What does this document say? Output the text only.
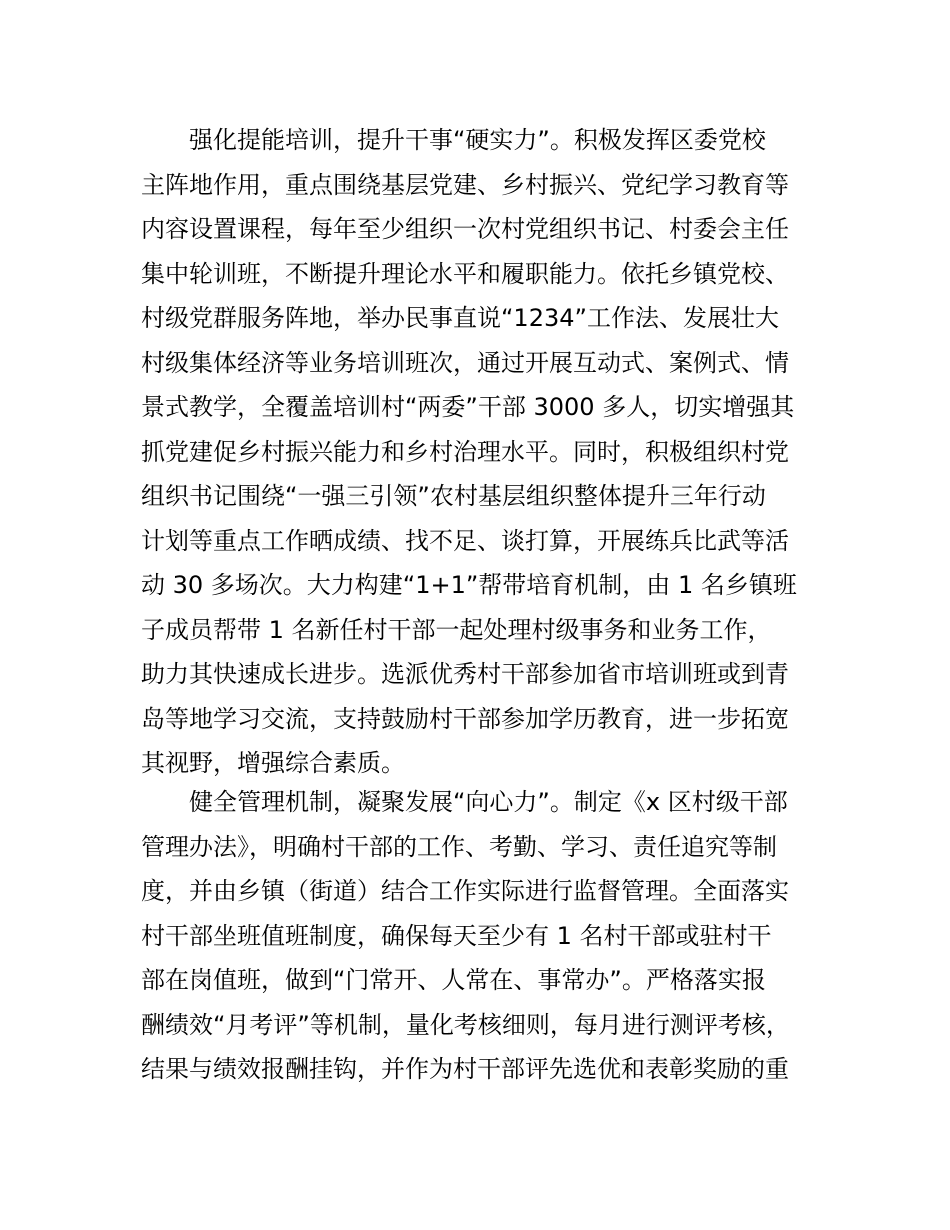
强化提能培训，提升干事“硬实力”。积极发挥区委党校
主阵地作用，重点围绕基层党建、乡村振兴、党纪学习教育等
内容设置课程，每年至少组织一次村党组织书记、村委会主任
集中轮训班，不断提升理论水平和履职能力。依托乡镇党校、
村级党群服务阵地，举办民事直说“1234”工作法、发展壮大
村级集体经济等业务培训班次，通过开展互动式、案例式、情
景式教学，全覆盖培训村“两委”干部 3000 多人，切实增强其
抓党建促乡村振兴能力和乡村治理水平。同时，积极组织村党
组织书记围绕“一强三引领”农村基层组织整体提升三年行动
计划等重点工作晒成绩、找不足、谈打算，开展练兵比武等活
动 30 多场次。大力构建“1+1”帮带培育机制，由 1 名乡镇班
子成员帮带 1 名新任村干部一起处理村级事务和业务工作，
助力其快速成长进步。选派优秀村干部参加省市培训班或到青
岛等地学习交流，支持鼓励村干部参加学历教育，进一步拓宽
其视野，增强综合素质。
健全管理机制，凝聚发展“向心力”。制定《x 区村级干部
管理办法》，明确村干部的工作、考勤、学习、责任追究等制
度，并由乡镇（街道）结合工作实际进行监督管理。全面落实
村干部坐班值班制度，确保每天至少有 1 名村干部或驻村干
部在岗值班，做到“门常开、人常在、事常办”。严格落实报
酬绩效“月考评”等机制，量化考核细则，每月进行测评考核，
结果与绩效报酬挂钩，并作为村干部评先选优和表彰奖励的重
